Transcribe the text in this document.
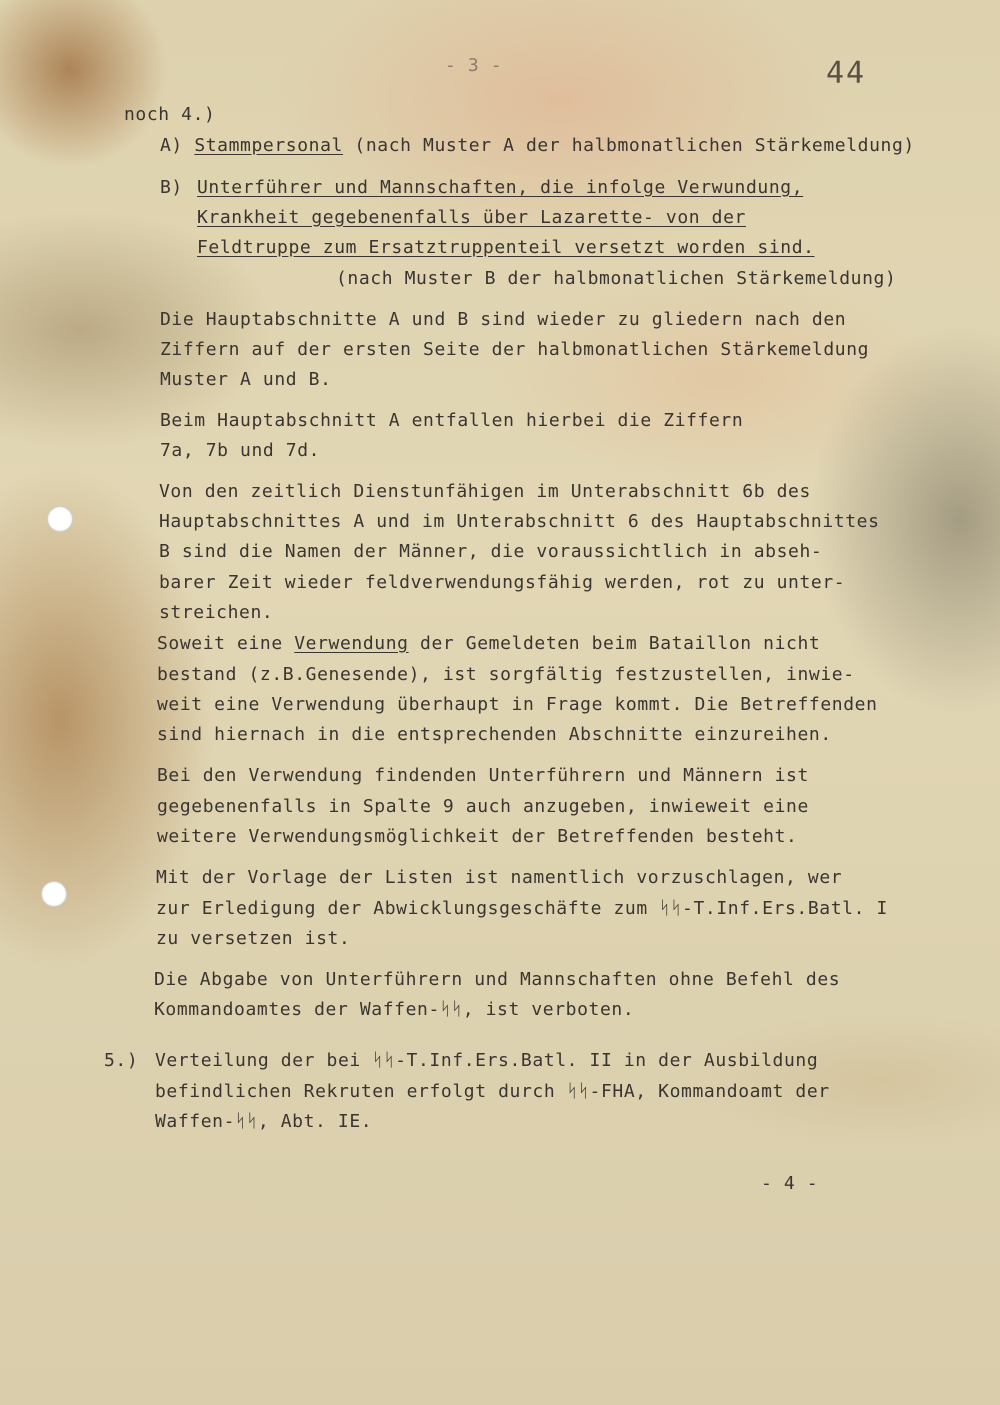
- 3 -	44
noch 4.)
A) Stammpersonal (nach Muster A der halbmonatlichen Stärkemeldung)
B) Unterführer und Mannschaften, die infolge Verwundung,
Krankheit gegebenenfalls über Lazarette- von der
Feldtruppe zum Ersatztruppenteil versetzt worden sind.
(nach Muster B der halbmonatlichen Stärkemeldung)
Die Hauptabschnitte A und B sind wieder zu gliedern nach den
Ziffern auf der ersten Seite der halbmonatlichen Stärkemeldung
Muster A und B.
Beim Hauptabschnitt A entfallen hierbei die Ziffern
7a, 7b und 7d.
Von den zeitlich Dienstunfähigen im Unterabschnitt 6b des
Hauptabschnittes A und im Unterabschnitt 6 des Hauptabschnittes
B sind die Namen der Männer, die voraussichtlich in abseh-
barer Zeit wieder feldverwendungsfähig werden, rot zu unter-
streichen.
Soweit eine Verwendung der Gemeldeten beim Bataillon nicht
bestand (z.B.Genesende), ist sorgfältig festzustellen, inwie-
weit eine Verwendung überhaupt in Frage kommt. Die Betreffenden
sind hiernach in die entsprechenden Abschnitte einzureihen.
Bei den Verwendung findenden Unterführern und Männern ist
gegebenenfalls in Spalte 9 auch anzugeben, inwieweit eine
weitere Verwendungsmöglichkeit der Betreffenden besteht.
Mit der Vorlage der Listen ist namentlich vorzuschlagen, wer
zur Erledigung der Abwicklungsgeschäfte zum ᛋᛋ-T.Inf.Ers.Batl. I
zu versetzen ist.
Die Abgabe von Unterführern und Mannschaften ohne Befehl des
Kommandoamtes der Waffen-ᛋᛋ, ist verboten.
5.) Verteilung der bei ᛋᛋ-T.Inf.Ers.Batl. II in der Ausbildung
befindlichen Rekruten erfolgt durch ᛋᛋ-FHA, Kommandoamt der
Waffen-ᛋᛋ, Abt. IE.
- 4 -
